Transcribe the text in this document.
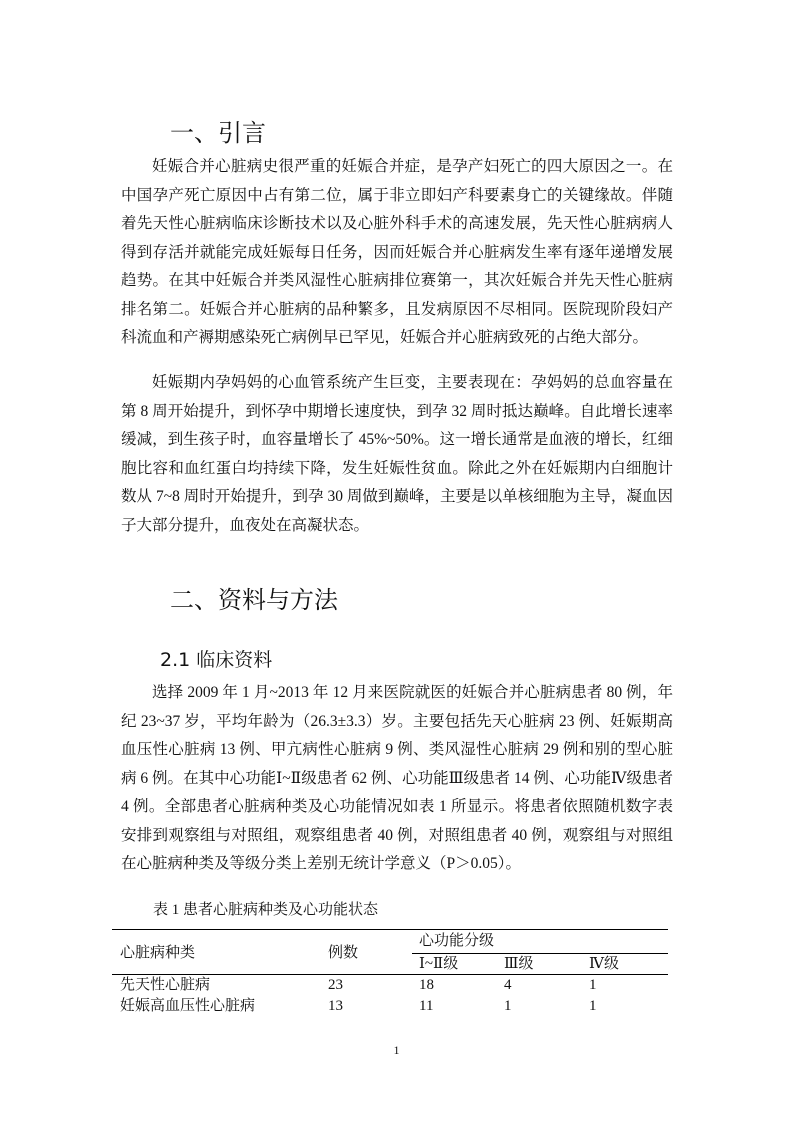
一、引言

妊娠合并心脏病史很严重的妊娠合并症，是孕产妇死亡的四大原因之一。在中国孕产死亡原因中占有第二位，属于非立即妇产科要素身亡的关键缘故。伴随着先天性心脏病临床诊断技术以及心脏外科手术的高速发展，先天性心脏病病人得到存活并就能完成妊娠每日任务，因而妊娠合并心脏病发生率有逐年递增发展趋势。在其中妊娠合并类风湿性心脏病排位赛第一，其次妊娠合并先天性心脏病排名第二。妊娠合并心脏病的品种繁多，且发病原因不尽相同。医院现阶段妇产科流血和产褥期感染死亡病例早已罕见，妊娠合并心脏病致死的占绝大部分。

妊娠期内孕妈妈的心血管系统产生巨变，主要表现在：孕妈妈的总血容量在第 8 周开始提升，到怀孕中期增长速度快，到孕 32 周时抵达巅峰。自此增长速率缓减，到生孩子时，血容量增长了 45%~50%。这一增长通常是血液的增长，红细胞比容和血红蛋白均持续下降，发生妊娠性贫血。除此之外在妊娠期内白细胞计数从 7~8 周时开始提升，到孕 30 周做到巅峰，主要是以单核细胞为主导，凝血因子大部分提升，血夜处在高凝状态。

二、资料与方法
2.1 临床资料

选择 2009 年 1 月~2013 年 12 月来医院就医的妊娠合并心脏病患者 80 例，年纪 23~37 岁，平均年龄为（26.3±3.3）岁。主要包括先天心脏病 23 例、妊娠期高血压性心脏病 13 例、甲亢病性心脏病 9 例、类风湿性心脏病 29 例和别的型心脏病 6 例。在其中心功能Ⅰ~Ⅱ级患者 62 例、心功能Ⅲ级患者 14 例、心功能Ⅳ级患者 4 例。全部患者心脏病种类及心功能情况如表 1 所显示。将患者依照随机数字表安排到观察组与对照组，观察组患者 40 例，对照组患者 40 例，观察组与对照组在心脏病种类及等级分类上差别无统计学意义（P＞0.05）。

表 1 患者心脏病种类及心功能状态
心脏病种类	例数
心功能分级
Ⅰ~Ⅱ级	Ⅲ级	Ⅳ级
先天性心脏病	23	18	4	1
妊娠高血压性心脏病	13	11	1	1
1
